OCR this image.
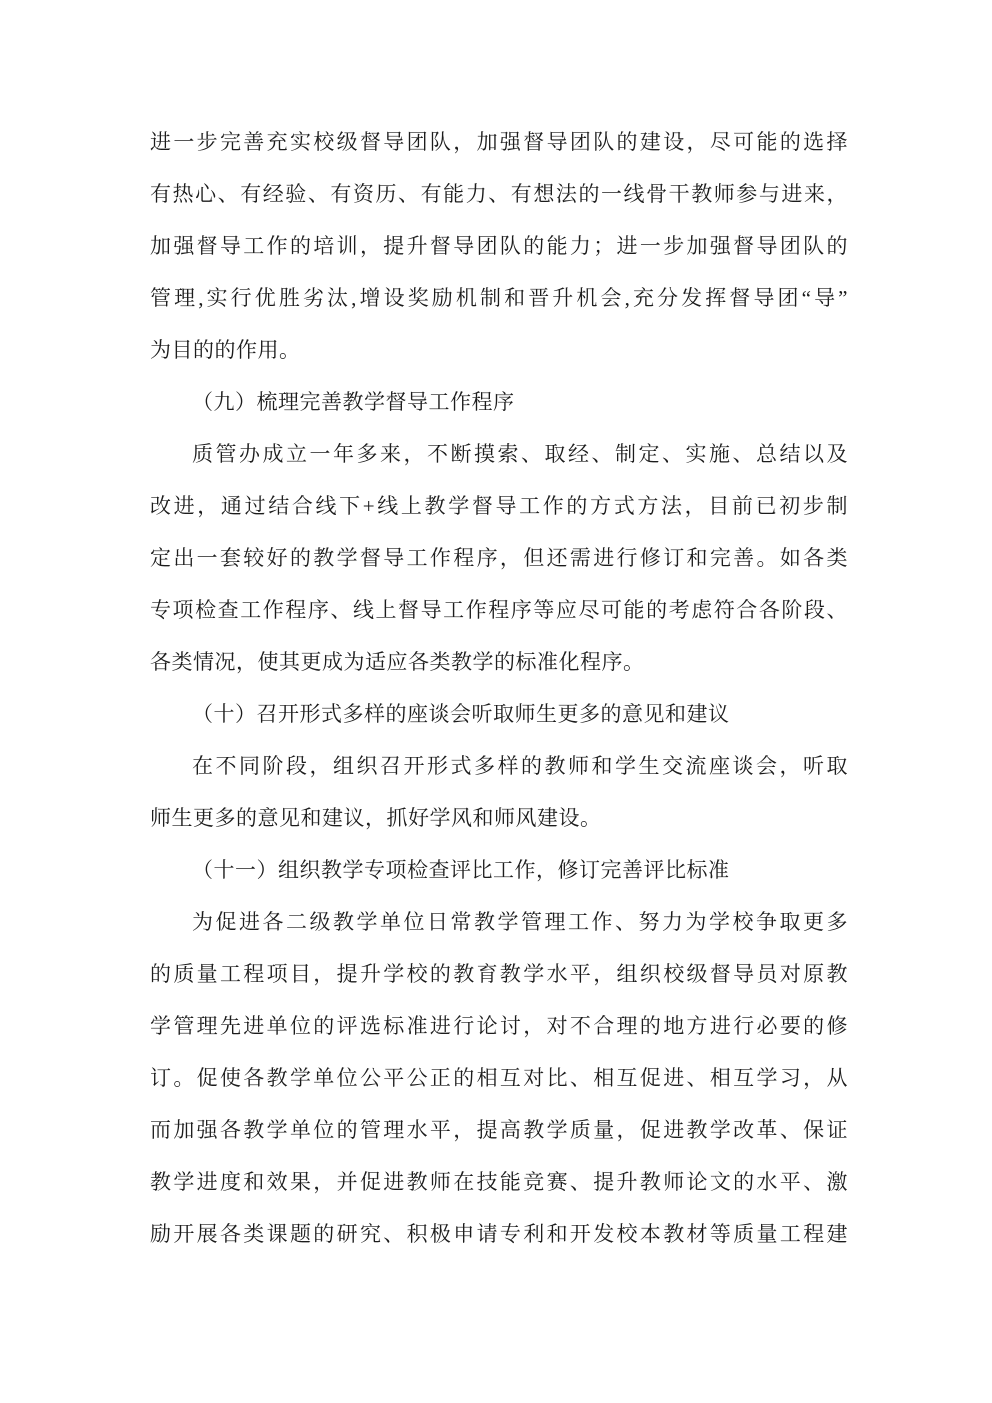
进一步完善充实校级督导团队，加强督导团队的建设，尽可能的选择
有热心、有经验、有资历、有能力、有想法的一线骨干教师参与进来，
加强督导工作的培训，提升督导团队的能力；进一步加强督导团队的
管理,实行优胜劣汰,增设奖励机制和晋升机会,充分发挥督导团“导”
为目的的作用。
（九）梳理完善教学督导工作程序
质管办成立一年多来，不断摸索、取经、制定、实施、总结以及
改进，通过结合线下+线上教学督导工作的方式方法，目前已初步制
定出一套较好的教学督导工作程序，但还需进行修订和完善。如各类
专项检查工作程序、线上督导工作程序等应尽可能的考虑符合各阶段、
各类情况，使其更成为适应各类教学的标准化程序。
（十）召开形式多样的座谈会听取师生更多的意见和建议
在不同阶段，组织召开形式多样的教师和学生交流座谈会，听取
师生更多的意见和建议，抓好学风和师风建设。
（十一）组织教学专项检查评比工作，修订完善评比标准
为促进各二级教学单位日常教学管理工作、努力为学校争取更多
的质量工程项目，提升学校的教育教学水平，组织校级督导员对原教
学管理先进单位的评选标准进行论讨，对不合理的地方进行必要的修
订。促使各教学单位公平公正的相互对比、相互促进、相互学习，从
而加强各教学单位的管理水平，提高教学质量，促进教学改革、保证
教学进度和效果，并促进教师在技能竞赛、提升教师论文的水平、激
励开展各类课题的研究、积极申请专利和开发校本教材等质量工程建
